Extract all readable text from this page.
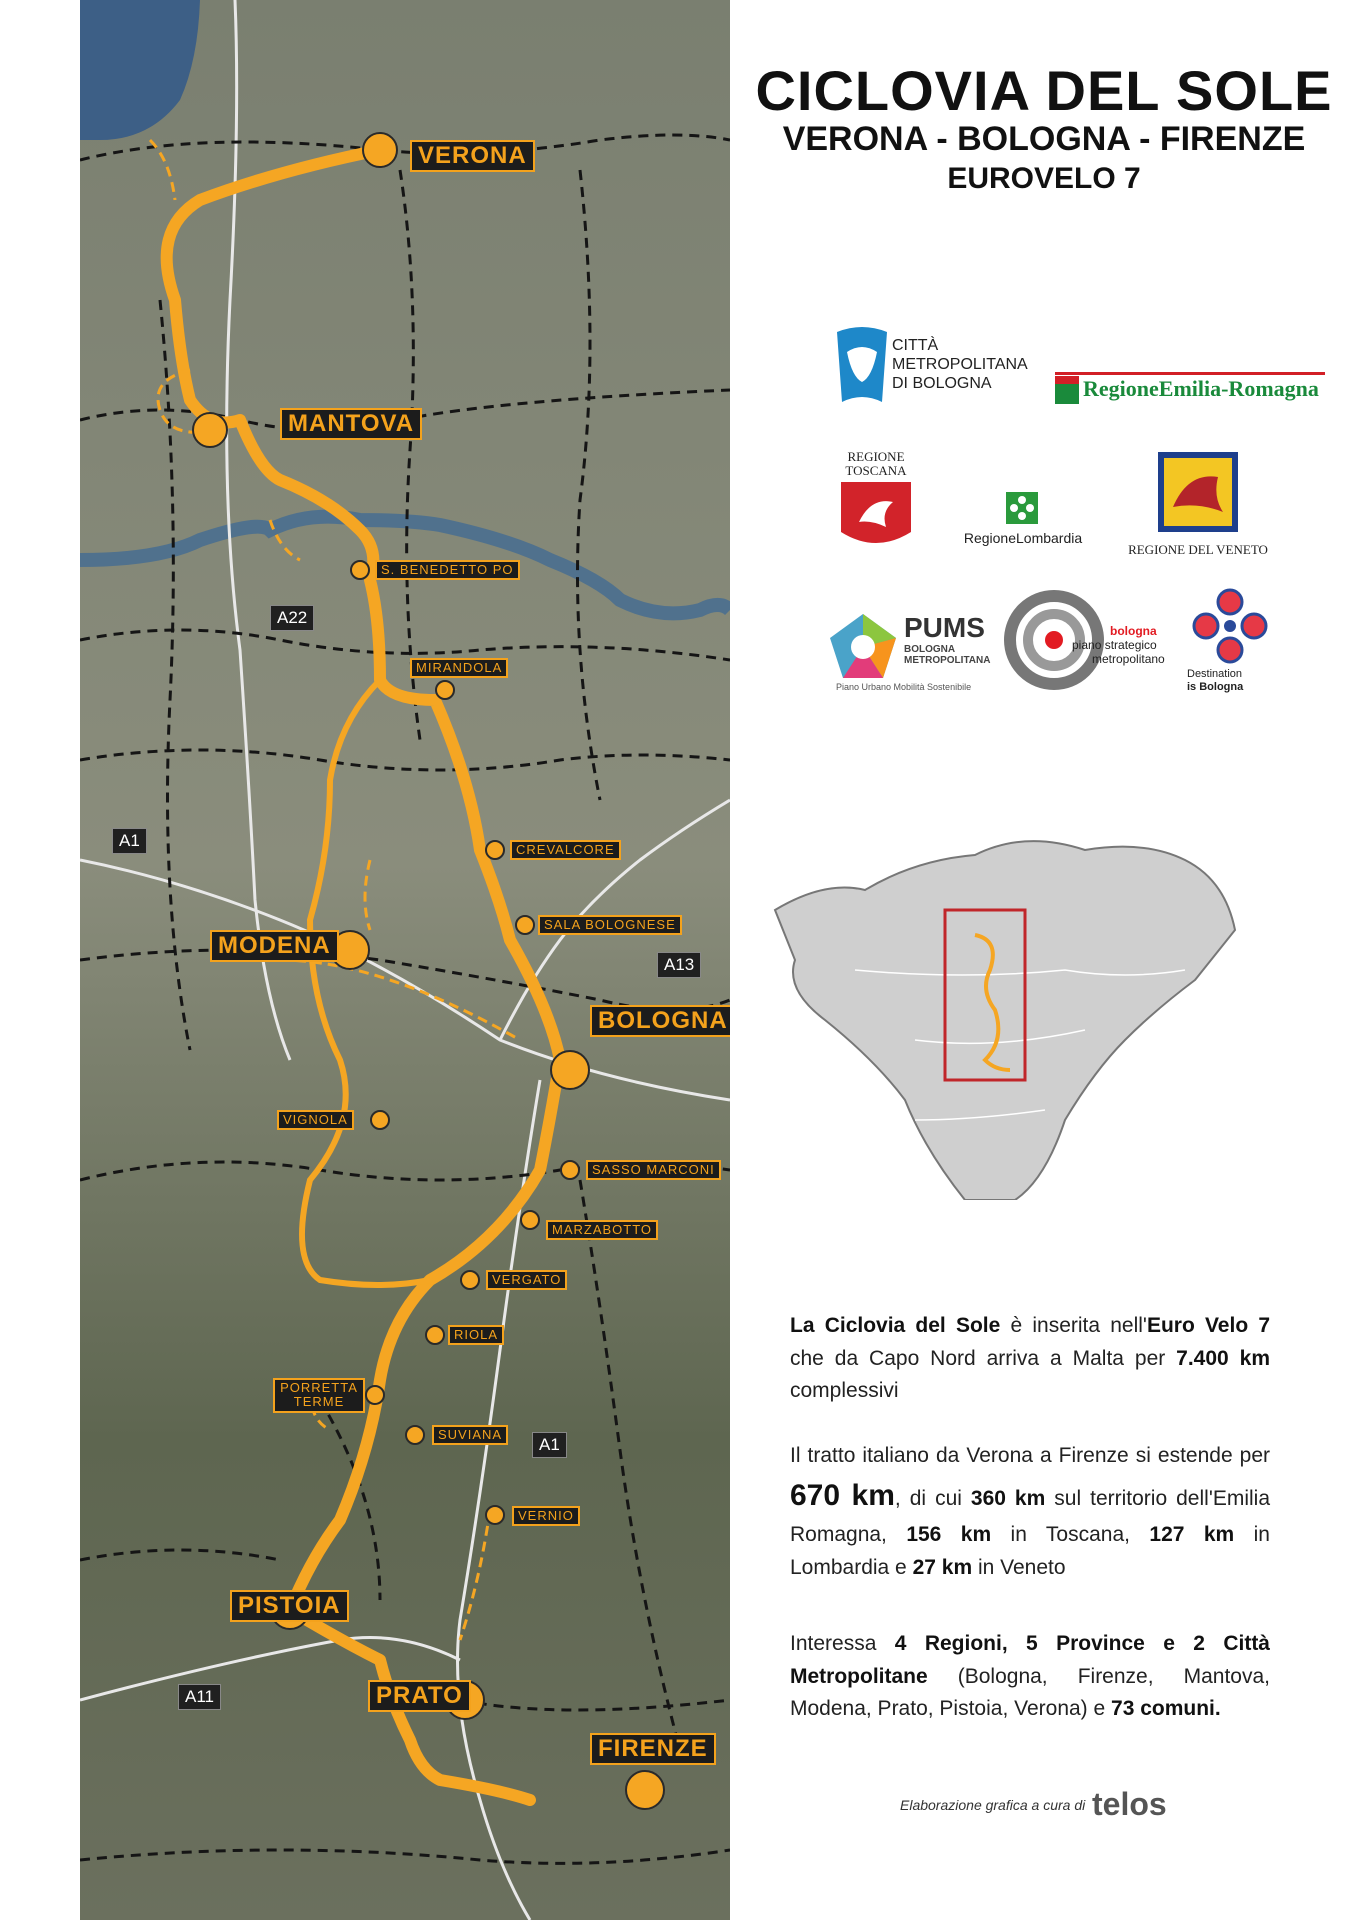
VERONA
MANTOVA
MODENA
BOLOGNA
PISTOIA
PRATO
FIRENZE
S. BENEDETTO PO
MIRANDOLA
CREVALCORE
SALA BOLOGNESE
VIGNOLA
SASSO MARCONI
MARZABOTTO
VERGATO
RIOLA
PORRETTA TERME
SUVIANA
VERNIO
A22
A1
A13
A1
A11
CICLOVIA DEL SOLE
VERONA - BOLOGNA - FIRENZE
EUROVELO 7
CITTÀ
METROPOLITANA
DI BOLOGNA	RegioneEmilia-Romagna
REGIONE
TOSCANA
RegioneLombardia
REGIONE DEL VENETO
PUMS
BOLOGNA
METROPOLITANA
Piano Urbano Mobilità Sostenibile
bologna
piano strategico
metropolitano
Destination
is Bologna
La Ciclovia del Sole è inserita nell'Euro Velo 7 che da Capo Nord arriva a Malta per 7.400 km complessivi
Il tratto italiano da Verona a Firenze si estende per 670 km, di cui 360 km sul territorio dell'Emilia Romagna, 156 km in Toscana, 127 km in Lombardia e 27 km in Veneto
Interessa 4 Regioni, 5 Province e 2 Città Metropolitane (Bologna, Firenze, Mantova, Modena, Prato, Pistoia, Verona) e 73 comuni.
Elaborazione grafica a cura di telos
